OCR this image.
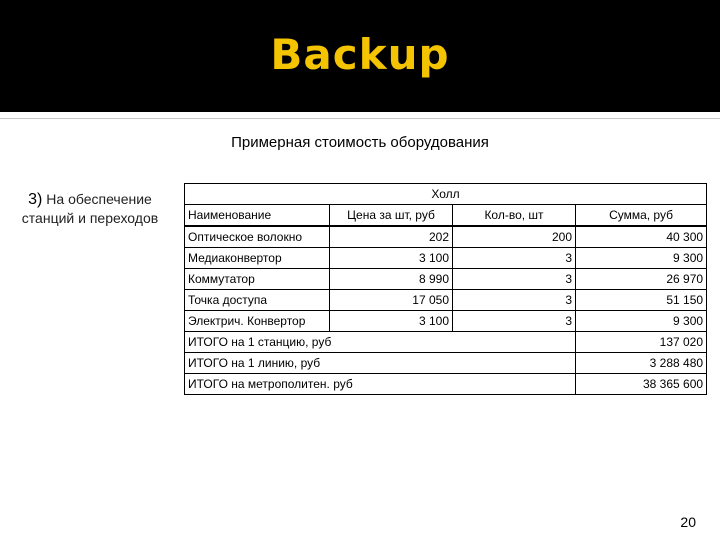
Backup
Примерная стоимость оборудования
3) На обеспечение станций и переходов
Холл			
Наименование	Цена за шт, руб	Кол-во, шт	Сумма, руб
Оптическое волокно	202	200	40 300
Медиаконвертор	3 100	3	9 300
Коммутатор	8 990	3	26 970
Точка доступа	17 050	3	51 150
Электрич. Конвертор	3 100	3	9 300
ИТОГО на 1 станцию, руб			137 020
ИТОГО на 1 линию, руб			3 288 480
ИТОГО на метрополитен. руб			38 365 600
20
